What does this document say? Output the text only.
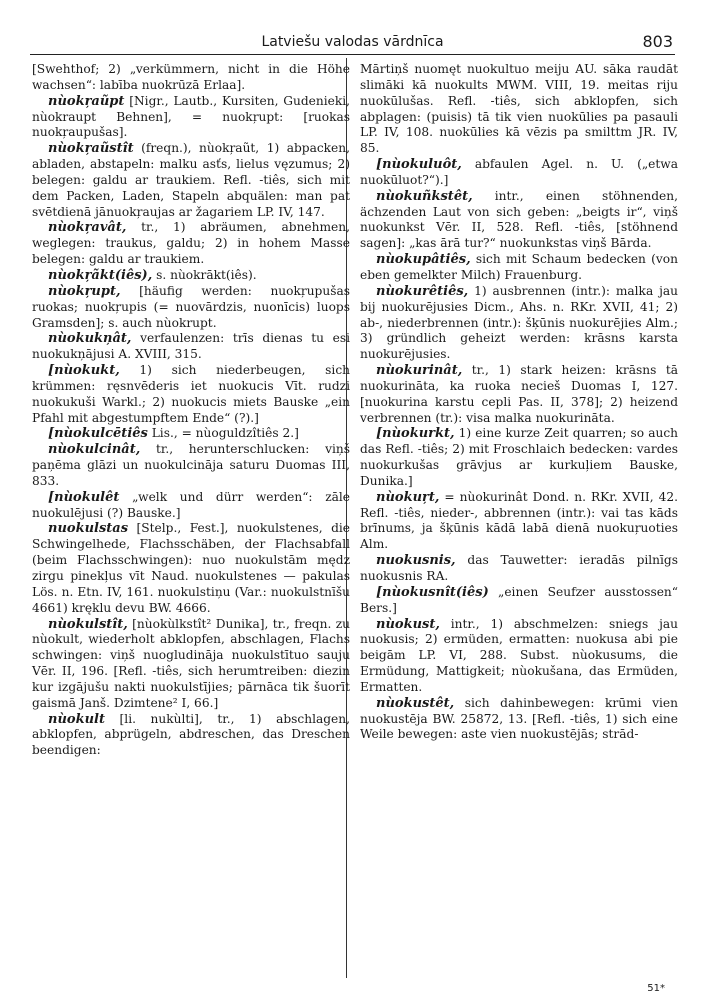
Latviešu valodas vārdnīca	803

[Swehthof; 2) „verkümmern, nicht in die Höhe wachsen“: labība nuokrūzā Erlaa].

nùokŗaũpt [Nigr., Lautb., Kursiten, Gudenieki, nùokraupt Behnen], = nuokŗupt: [ruokas nuokŗaupušas].

nùokŗaũstît (freqn.), nùokŗaũt, 1) abpacken, abladen, abstapeln: malku asťs, lielus vęzumus; 2) belegen: galdu ar traukiem. Refl. -tiês, sich mit dem Packen, Laden, Stapeln abquälen: man pat svētdienā jānuokŗaujas ar žagariem LP. IV, 147.

nùokŗavât, tr., 1) abräumen, abnehmen, weglegen: traukus, galdu; 2) in hohem Masse belegen: galdu ar traukiem.

nùokŗãkt(iês), s. nùokrākt(iês).

nùokŗupt, [häufig werden: nuokŗupušas ruokas; nuokŗupis (= nuovārdzis, nuonīcis) luops Gramsden]; s. auch nùokrupt.

nùokukņât, verfaulenzen: trīs dienas tu esi nuokukņājusi A. XVIII, 315.

[nùokukt, 1) sich niederbeugen, sich krümmen: ręsnvēderis iet nuokucis Vīt. rudzi nuokukuši Warkl.; 2) nuokucis miets Bauske „ein Pfahl mit abgestumpftem Ende“ (?).]

[nùokulcētiês Lis., = nùoguldzîtiês 2.]

nùokulcinât, tr., herunterschlucken: viņš paņēma glāzi un nuokulcināja saturu Duomas III, 833.

[nùokulêt „welk und dürr werden“: zāle nuokulējusi (?) Bauske.]

nuokulstas [Stelp., Fest.], nuokulstenes, die Schwingelhede, Flachsschäben, der Flachsabfall (beim Flachsschwingen): nuo nuokulstām mędz zirgu pinekļus vīt Naud. nuokulstenes — pakulas Lös. n. Etn. IV, 161. nuokulstiņu (Var.: nuokulstnīšu 4661) kręklu devu BW. 4666.

nùokulstît, [nùokùlkstît² Dunika], tr., freqn. zu nùokult, wiederholt abklopfen, abschlagen, Flachs schwingen: viņš nuogludināja nuokulstītuo sauju Vēr. II, 196. [Refl. -tiês, sich herumtreiben: diezin kur izgājušu nakti nuokulstījies; pārnāca tik šuorīt gaismā Janš. Dzimtene² I, 66.]

nùokult [li. nukùlti], tr., 1) abschlagen, abklopfen, abprügeln, abdreschen, das Dreschen beendigen:

Mārtiņš nuomęt nuokultuo meiju AU. sāka raudāt slimāki kā nuokults MWM. VIII, 19. meitas riju nuokūlušas. Refl. -tiês, sich abklopfen, sich abplagen: (puisis) tā tik vien nuokūlies pa pasauli LP. IV, 108. nuokūlies kā vēzis pa smilttm JR. IV, 85.

[nùokuluôt, abfaulen Agel. n. U. („etwa nuokūluot?“).]

nùokuñkstêt, intr., einen stöhnenden, ächzenden Laut von sich geben: „beigts ir“, viņš nuokunkst Vēr. II, 528. Refl. -tiês, [stöhnend sagen]: „kas ārā tur?“ nuokunkstas viņš Bārda.

nùokupâtiês, sich mit Schaum bedecken (von eben gemelkter Milch) Frauenburg.

nùokurêtiês, 1) ausbrennen (intr.): malka jau bij nuokurējusies Dicm., Ahs. n. RKr. XVII, 41; 2) ab-, niederbrennen (intr.): šķūnis nuokurējies Alm.; 3) gründlich geheizt werden: krāsns karsta nuokurējusies.

nùokurinât, tr., 1) stark heizen: krāsns tā nuokurināta, ka ruoka necieš Duomas I, 127. [nuokurina karstu cepli Pas. II, 378]; 2) heizend verbrennen (tr.): visa malka nuokurināta.

[nùokurkt, 1) eine kurze Zeit quarren; so auch das Refl. -tiês; 2) mit Froschlaich bedecken: vardes nuokurkušas grāvjus ar kurkuļiem Bauske, Dunika.]

nùokuŗt, = nùokurinât Dond. n. RKr. XVII, 42. Refl. -tiês, nieder-, abbrennen (intr.): vai tas kāds brīnums, ja šķūnis kādā labā dienā nuokuŗuoties Alm.

nuokusnis, das Tauwetter: ieradās pilnīgs nuokusnis RA.

[nùokusnît(iês) „einen Seufzer ausstossen“ Bers.]

nùokust, intr., 1) abschmelzen: sniegs jau nuokusis; 2) ermüden, ermatten: nuokusa abi pie beigām LP. VI, 288. Subst. nùokusums, die Ermüdung, Mattigkeit; nùokušana, das Ermüden, Ermatten.

nùokustêt, sich dahinbewegen: krūmi vien nuokustēja BW. 25872, 13. [Refl. -tiês, 1) sich eine Weile bewegen: aste vien nuokustējās; strād-

51*
